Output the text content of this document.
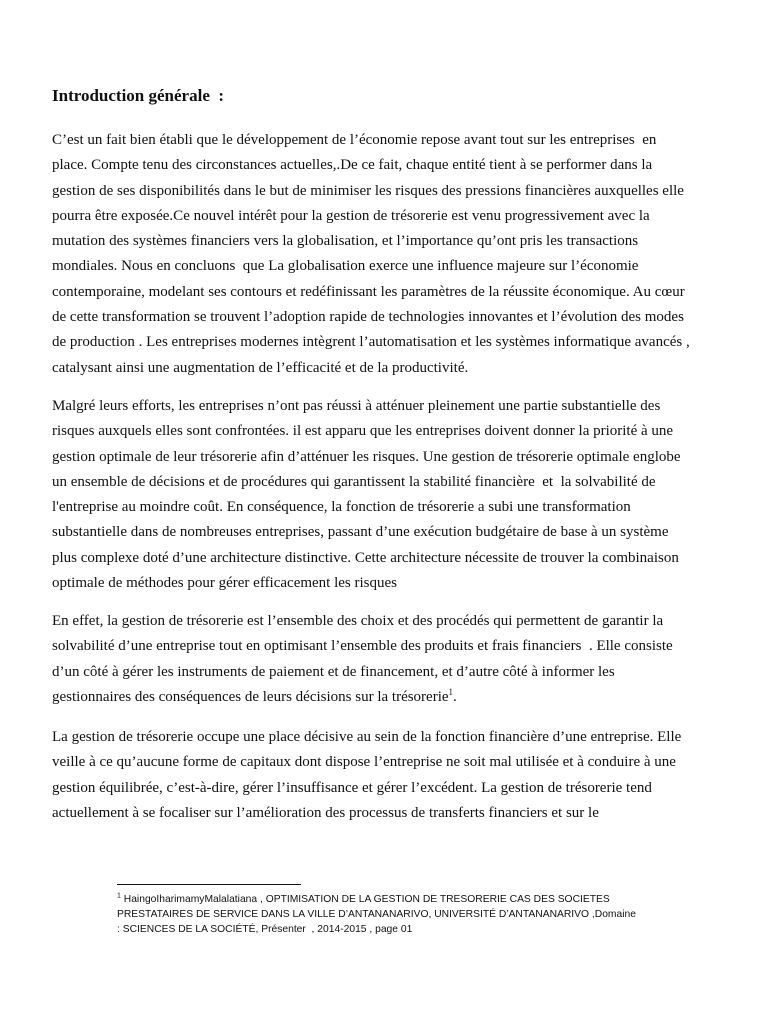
Introduction générale  :
C’est un fait bien établi que le développement de l’économie repose avant tout sur les entreprises  en
place. Compte tenu des circonstances actuelles,.De ce fait, chaque entité tient à se performer dans la
gestion de ses disponibilités dans le but de minimiser les risques des pressions financières auxquelles elle
pourra être exposée.Ce nouvel intérêt pour la gestion de trésorerie est venu progressivement avec la
mutation des systèmes financiers vers la globalisation, et l’importance qu’ont pris les transactions
mondiales. Nous en concluons  que La globalisation exerce une influence majeure sur l’économie
contemporaine, modelant ses contours et redéfinissant les paramètres de la réussite économique. Au cœur
de cette transformation se trouvent l’adoption rapide de technologies innovantes et l’évolution des modes
de production . Les entreprises modernes intègrent l’automatisation et les systèmes informatique avancés ,
catalysant ainsi une augmentation de l’efficacité et de la productivité.
Malgré leurs efforts, les entreprises n’ont pas réussi à atténuer pleinement une partie substantielle des
risques auxquels elles sont confrontées. il est apparu que les entreprises doivent donner la priorité à une
gestion optimale de leur trésorerie afin d’atténuer les risques. Une gestion de trésorerie optimale englobe
un ensemble de décisions et de procédures qui garantissent la stabilité financière  et  la solvabilité de
l'entreprise au moindre coût. En conséquence, la fonction de trésorerie a subi une transformation
substantielle dans de nombreuses entreprises, passant d’une exécution budgétaire de base à un système
plus complexe doté d’une architecture distinctive. Cette architecture nécessite de trouver la combinaison
optimale de méthodes pour gérer efficacement les risques
En effet, la gestion de trésorerie est l’ensemble des choix et des procédés qui permettent de garantir la
solvabilité d’une entreprise tout en optimisant l’ensemble des produits et frais financiers  . Elle consiste
d’un côté à gérer les instruments de paiement et de financement, et d’autre côté à informer les
gestionnaires des conséquences de leurs décisions sur la trésorerie$^1$.
La gestion de trésorerie occupe une place décisive au sein de la fonction financière d’une entreprise. Elle
veille à ce qu’aucune forme de capitaux dont dispose l’entreprise ne soit mal utilisée et à conduire à une
gestion équilibrée, c’est-à-dire, gérer l’insuffisance et gérer l’excédent. La gestion de trésorerie tend
actuellement à se focaliser sur l’amélioration des processus de transferts financiers et sur le
$^1$ HaingoIharimamyMalalatiana , OPTIMISATION DE LA GESTION DE TRESORERIE CAS DES SOCIETES
PRESTATAIRES DE SERVICE DANS LA VILLE D’ANTANANARIVO, UNIVERSITÉ D’ANTANANARIVO ,Domaine
: SCIENCES DE LA SOCIÉTÉ, Présenter  , 2014-2015 , page 01
